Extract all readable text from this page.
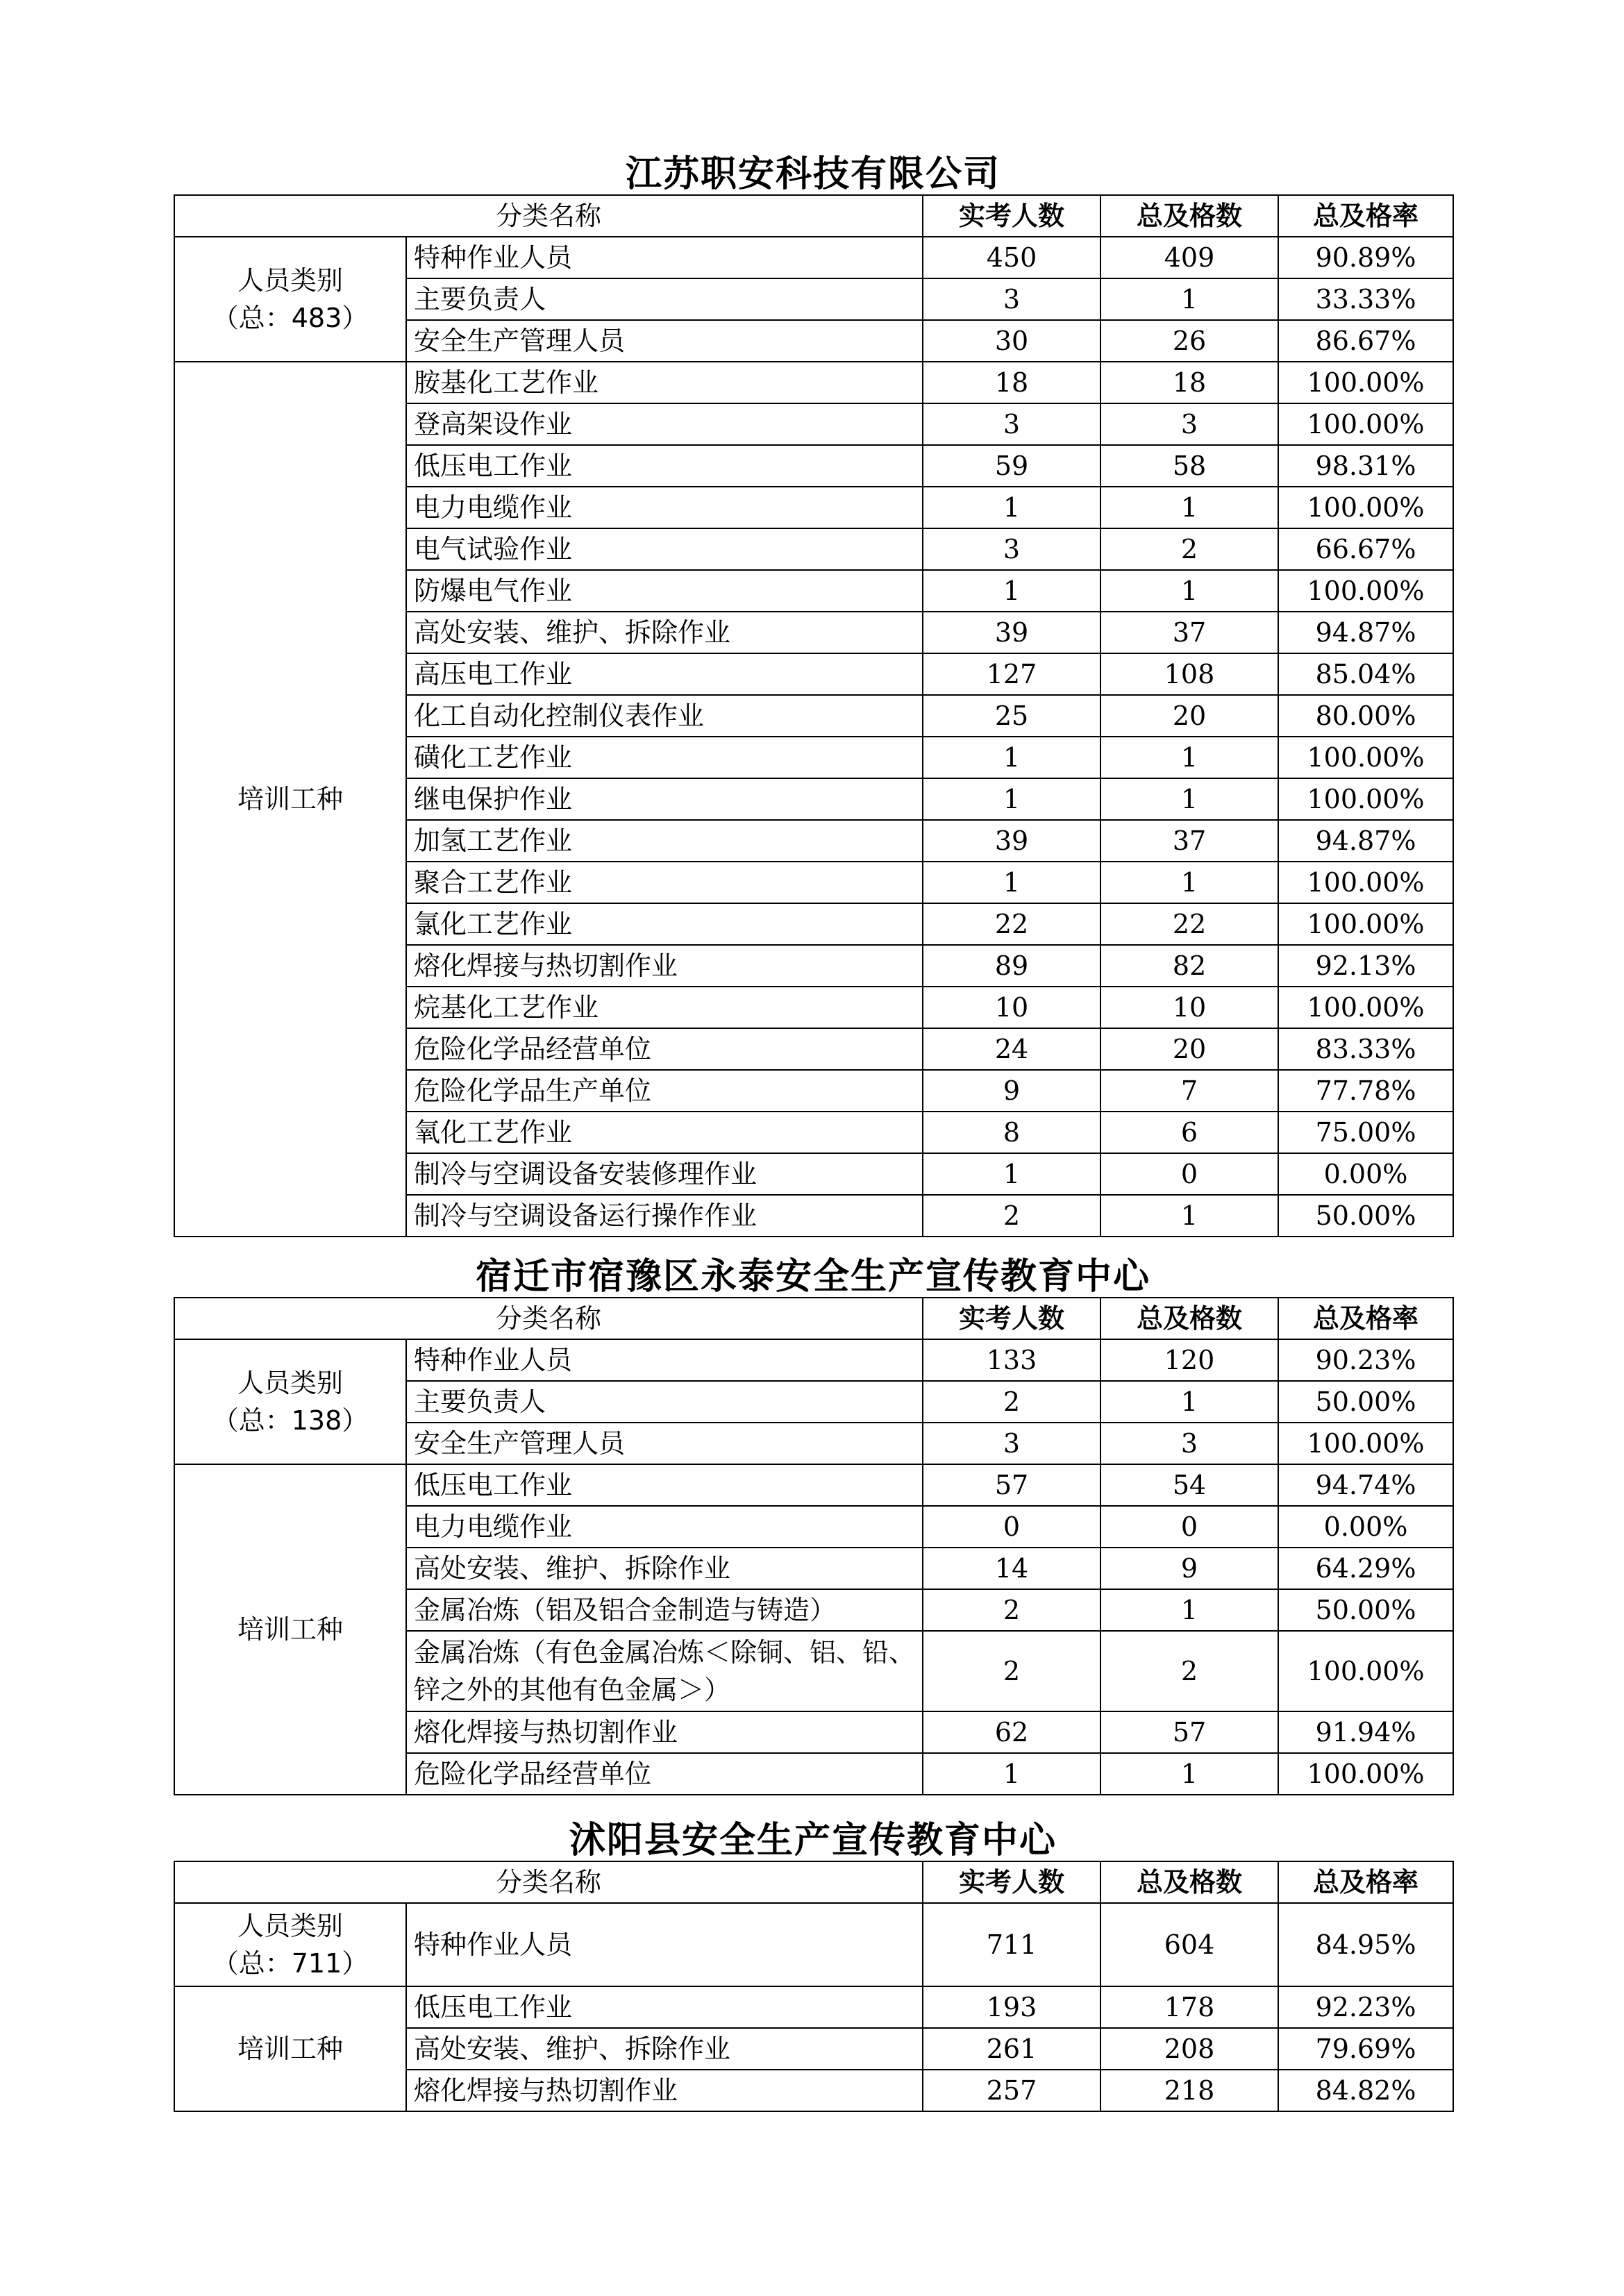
江苏职安科技有限公司
分类名称		实考人数	总及格数	总及格率

人员类别
（总：483）	特种作业人员	450	409	90.89%
	主要负责人	3	1	33.33%
	安全生产管理人员	30	26	86.67%

培训工种	胺基化工艺作业	18	18	100.00%
	登高架设作业	3	3	100.00%
	低压电工作业	59	58	98.31%
	电力电缆作业	1	1	100.00%
	电气试验作业	3	2	66.67%
	防爆电气作业	1	1	100.00%
	高处安装、维护、拆除作业	39	37	94.87%
	高压电工作业	127	108	85.04%
	化工自动化控制仪表作业	25	20	80.00%
	磺化工艺作业	1	1	100.00%
	继电保护作业	1	1	100.00%
	加氢工艺作业	39	37	94.87%
	聚合工艺作业	1	1	100.00%
	氯化工艺作业	22	22	100.00%
	熔化焊接与热切割作业	89	82	92.13%
	烷基化工艺作业	10	10	100.00%
	危险化学品经营单位	24	20	83.33%
	危险化学品生产单位	9	7	77.78%
	氧化工艺作业	8	6	75.00%
	制冷与空调设备安装修理作业	1	0	0.00%
	制冷与空调设备运行操作作业	2	1	50.00%
宿迁市宿豫区永泰安全生产宣传教育中心
分类名称		实考人数	总及格数	总及格率

人员类别
（总：138）	特种作业人员	133	120	90.23%
	主要负责人	2	1	50.00%
	安全生产管理人员	3	3	100.00%

培训工种	低压电工作业	57	54	94.74%
	电力电缆作业	0	0	0.00%
	高处安装、维护、拆除作业	14	9	64.29%
	金属冶炼（铝及铝合金制造与铸造）	2	1	50.00%
	金属冶炼（有色金属冶炼＜除铜、铝、铅、锌之外的其他有色金属＞）	2	2	100.00%
	熔化焊接与热切割作业	62	57	91.94%
	危险化学品经营单位	1	1	100.00%
沭阳县安全生产宣传教育中心
分类名称		实考人数	总及格数	总及格率

人员类别
（总：711）	特种作业人员	711	604	84.95%

培训工种	低压电工作业	193	178	92.23%
	高处安装、维护、拆除作业	261	208	79.69%
	熔化焊接与热切割作业	257	218	84.82%
